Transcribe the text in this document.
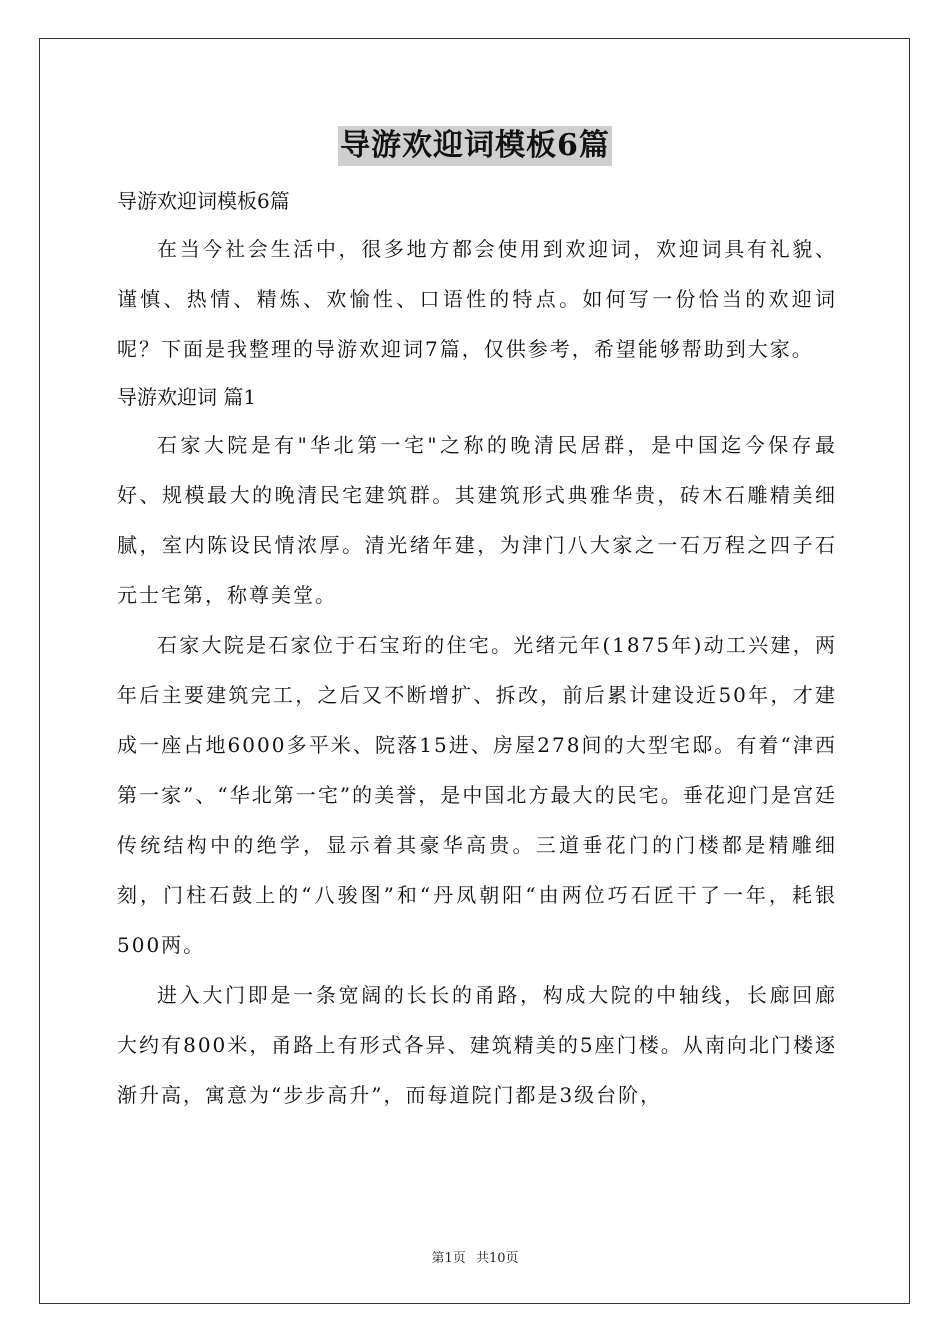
导游欢迎词模板6篇

导游欢迎词模板6篇

在当今社会生活中，很多地方都会使用到欢迎词，欢迎词具有礼貌、谨慎、热情、精炼、欢愉性、口语性的特点。如何写一份恰当的欢迎词呢？下面是我整理的导游欢迎词7篇，仅供参考，希望能够帮助到大家。

导游欢迎词 篇1

石家大院是有"华北第一宅"之称的晚清民居群，是中国迄今保存最好、规模最大的晚清民宅建筑群。其建筑形式典雅华贵，砖木石雕精美细腻，室内陈设民情浓厚。清光绪年建，为津门八大家之一石万程之四子石元士宅第，称尊美堂。

石家大院是石家位于石宝珩的住宅。光绪元年(1875年)动工兴建，两年后主要建筑完工，之后又不断增扩、拆改，前后累计建设近50年，才建成一座占地6000多平米、院落15进、房屋278间的大型宅邸。有着“津西第一家”、“华北第一宅”的美誉，是中国北方最大的民宅。垂花迎门是宫廷传统结构中的绝学，显示着其豪华高贵。三道垂花门的门楼都是精雕细刻，门柱石鼓上的“八骏图”和“丹凤朝阳“由两位巧石匠干了一年，耗银500两。

进入大门即是一条宽阔的长长的甬路，构成大院的中轴线，长廊回廊大约有800米，甬路上有形式各异、建筑精美的5座门楼。从南向北门楼逐渐升高，寓意为“步步高升”，而每道院门都是3级台阶，

第1页 共10页
